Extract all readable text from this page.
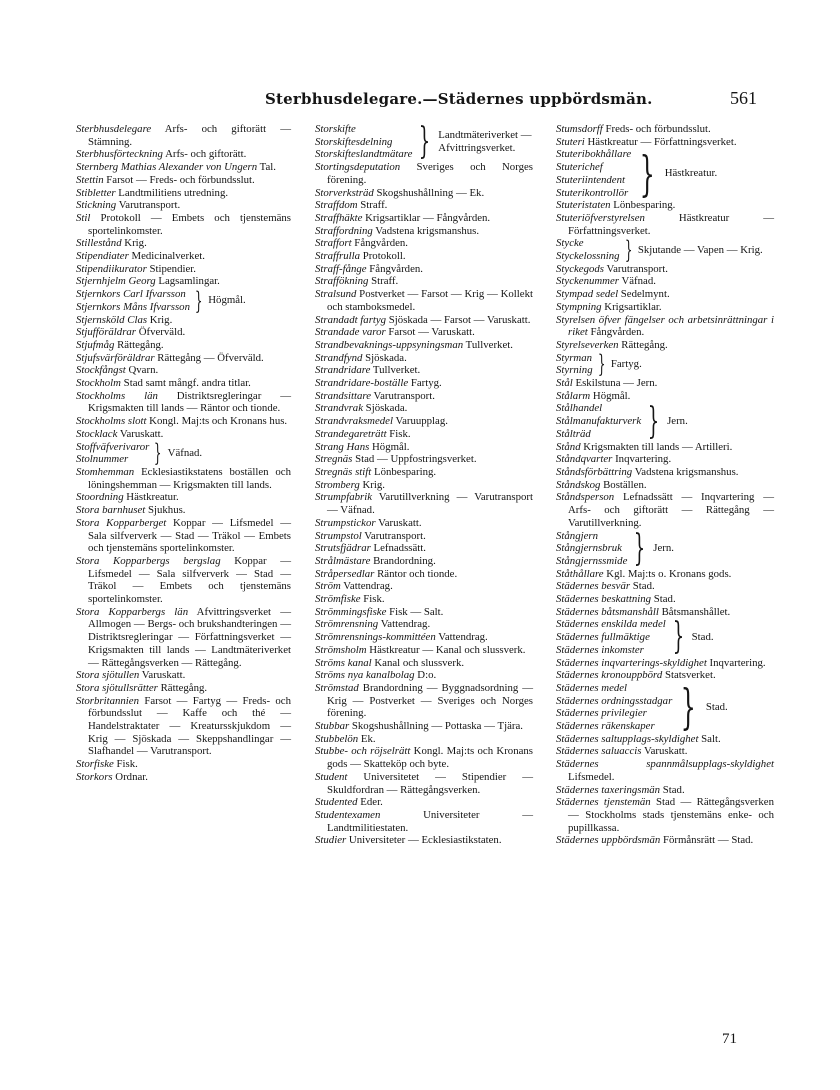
Sterbhusdelegare.—Städernes uppbördsmän.	561

Sterbhusdelegare Arfs- och giftorätt — Stämning.

Sterbhusförteckning Arfs- och giftorätt.

Sternberg Mathias Alexander von Ungern Tal.

Stettin Farsot — Freds- och förbundsslut.

Stibletter Landtmilitiens utredning.

Stickning Varutransport.

Stil Protokoll — Embets och tjenstemäns sportelinkomster.

Stillestånd Krig.

Stipendiater Medicinalverket.

Stipendiikurator Stipendier.

Stjernhjelm Georg Lagsamlingar.

Stjernkors Carl Ifvarsson
Stjernkors Måns Ifvarsson } Högmål.

Stjernsköld Clas Krig.

Stjufföräldrar Öfverväld.

Stjufmåg Rättegång.

Stjufsvärföräldrar Rättegång — Öfverväld.

Stockfångst Qvarn.

Stockholm Stad samt mångf. andra titlar.

Stockholms län Distriktsregleringar — Krigsmakten till lands — Räntor och tionde.

Stockholms slott Kongl. Maj:ts och Kronans hus.

Stocklack Varuskatt.

Stoffväfverivaror
Stolnummer	} Väfnad.

Stomhemman Ecklesiastikstatens boställen och löningshemman — Krigsmakten till lands.

Stoordning Hästkreatur.

Stora barnhuset Sjukhus.

Stora Kopparberget Koppar — Lifsmedel — Sala silfververk — Stad — Träkol — Embets och tjenstemäns sportelinkomster.

Stora Kopparbergs bergslag Koppar — Lifsmedel — Sala silfververk — Stad — Träkol — Embets och tjenstemäns sportelinkomster.

Stora Kopparbergs län Afvittringsverket — Allmogen — Bergs- och brukshandteringen — Distriktsregleringar — Författningsverket — Krigsmakten till lands — Landtmäteriverket — Rättegångsverken — Rättegång.

Stora sjötullen Varuskatt.

Stora sjötullsrätter Rättegång.

Storbritannien Farsot — Fartyg — Freds- och förbundsslut — Kaffe och thé — Handelstraktater — Kreatursskjukdom — Krig — Sjöskada — Skeppshandlingar — Slafhandel — Varutransport.

Storfiske Fisk.

Storkors Ordnar.

Storskifte
Storskiftesdelning
Storskifteslandtmätare } Landtmäteriverket — Afvittringsverket.

Stortingsdeputation Sveriges och Norges förening.

Storverksträd Skogshushållning — Ek.

Straffdom Straff.

Straffhäkte Krigsartiklar — Fångvården.

Straffordning Vadstena krigsmanshus.

Straffort Fångvården.

Straffrulla Protokoll.

Straff-fånge Fångvården.

Straffökning Straff.

Stralsund Postverket — Farsot — Krig — Kollekt och stamboksmedel.

Strandadt fartyg Sjöskada — Farsot — Varuskatt.

Strandade varor Farsot — Varuskatt.

Strandbevaknings-uppsyningsman Tullverket.

Strandfynd Sjöskada.

Strandridare Tullverket.

Strandridare-boställe Fartyg.

Strandsittare Varutransport.

Strandvrak Sjöskada.

Strandvraksmedel Varuupplag.

Strandegareträtt Fisk.

Strang Hans Högmål.

Stregnäs Stad — Uppfostringsverket.

Stregnäs stift Lönbesparing.

Stromberg Krig.

Strumpfabrik Varutillverkning — Varutransport — Väfnad.

Strumpstickor Varuskatt.

Strumpstol Varutransport.

Strutsfjädrar Lefnadssätt.

Strålmästare Brandordning.

Stråpersedlar Räntor och tionde.

Ström Vattendrag.

Strömfiske Fisk.

Strömmingsfiske Fisk — Salt.

Strömrensning Vattendrag.

Strömrensnings-kommittéen Vattendrag.

Strömsholm Hästkreatur — Kanal och slussverk.

Ströms kanal Kanal och slussverk.

Ströms nya kanalbolag D:o.

Strömstad Brandordning — Byggnadsordning — Krig — Postverket — Sveriges och Norges förening.

Stubbar Skogshushållning — Pottaska — Tjära.

Stubbelön Ek.

Stubbe- och röjselrätt Kongl. Maj:ts och Kronans gods — Skatteköp och byte.

Student Universitetet — Stipendier — Skuldfordran — Rättegångsverken.

Studented Eder.

Studentexamen Universiteter — Landtmilitiestaten.

Studier Universiteter — Ecklesiastikstaten.

Stumsdorff Freds- och förbundsslut.

Stuteri Hästkreatur — Författningsverket.

Stuteribokhållare
Stuterichef
Stuteriintendent
Stuterikontrollör } Hästkreatur.

Stuteristaten Lönbesparing.

Stuteriöfverstyrelsen Hästkreatur — Författningsverket.

Stycke
Styckelossning } Skjutande — Vapen — Krig.

Styckegods Varutransport.

Styckenummer Väfnad.

Stympad sedel Sedelmynt.

Stympning Krigsartiklar.

Styrelsen öfver fängelser och arbetsinrättningar i riket Fångvården.

Styrelseverken Rättegång.

Styrman
Styrning } Fartyg.

Stål Eskilstuna — Jern.

Stålarm Högmål.

Stålhandel
Stålmanufakturverk
Stålträd	} Jern.

Stånd Krigsmakten till lands — Artilleri.

Ståndqvarter Inqvartering.

Ståndsförbättring Vadstena krigsmanshus.

Ståndskog Boställen.

Ståndsperson Lefnadssätt — Inqvartering — Arfs- och giftorätt — Rättegång — Varutillverkning.

Stångjern
Stångjernsbruk
Stångjernssmide } Jern.

Ståthållare Kgl. Maj:ts o. Kronans gods.

Städernes besvär Stad.

Städernes beskattning Stad.

Städernes båtsmanshåll Båtsmanshållet.

Städernes enskilda medel
Städernes fullmäktige
Städernes inkomster } Stad.

Städernes inqvarterings-skyldighet Inqvartering.

Städernes kronouppbörd Statsverket.

Städernes medel
Städernes ordningsstadgar
Städernes privilegier
Städernes räkenskaper } Stad.

Städernes saltupplags-skyldighet Salt.

Städernes saluaccis Varuskatt.

Städernes spannmålsupplags-skyldighet Lifsmedel.

Städernes taxeringsmän Stad.

Städernes tjenstemän Stad — Rättegångsverken — Stockholms stads tjenstemäns enke- och pupillkassa.

Städernes uppbördsmän Förmånsrätt — Stad.

71
